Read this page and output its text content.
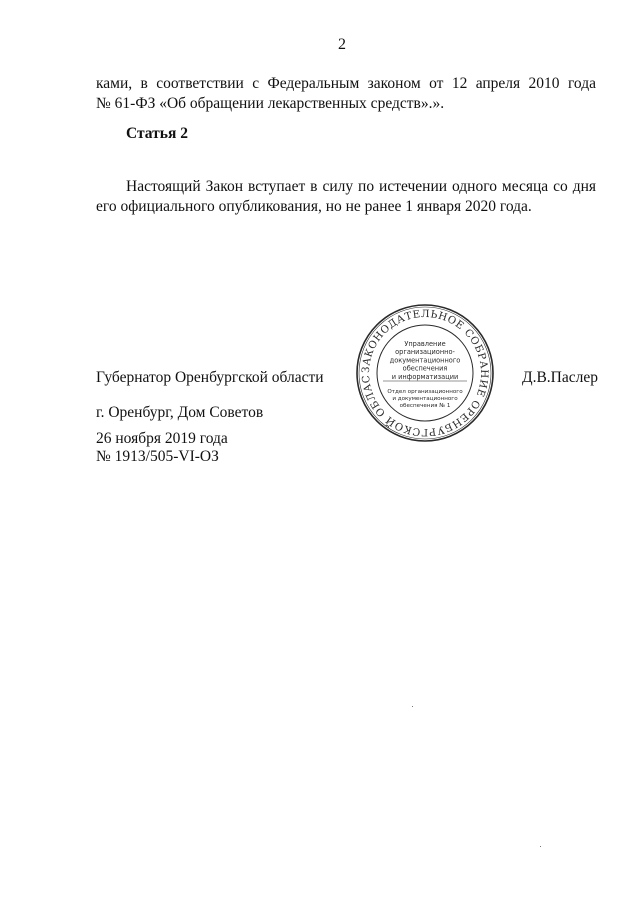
2
ками, в соответствии с Федеральным законом от 12 апреля 2010 года
№ 61-ФЗ «Об обращении лекарственных средств».».
Статья 2
Настоящий Закон вступает в силу по истечении одного месяца со дня его официального опубликования, но не ранее 1 января 2020 года.
Губернатор Оренбургской области	Д.В.Паслер
г. Оренбург, Дом Советов
26 ноября 2019 года
№ 1913/505-VI-ОЗ
ЗАКОНОДАТЕЛЬНОЕ СОБРАНИЕ ОРЕНБУРГСКОЙ ОБЛАС
Управление
организационно-
документационного
обеспечения
и информатизации
Отдел организационного
и документационного
обеспечения № 1
